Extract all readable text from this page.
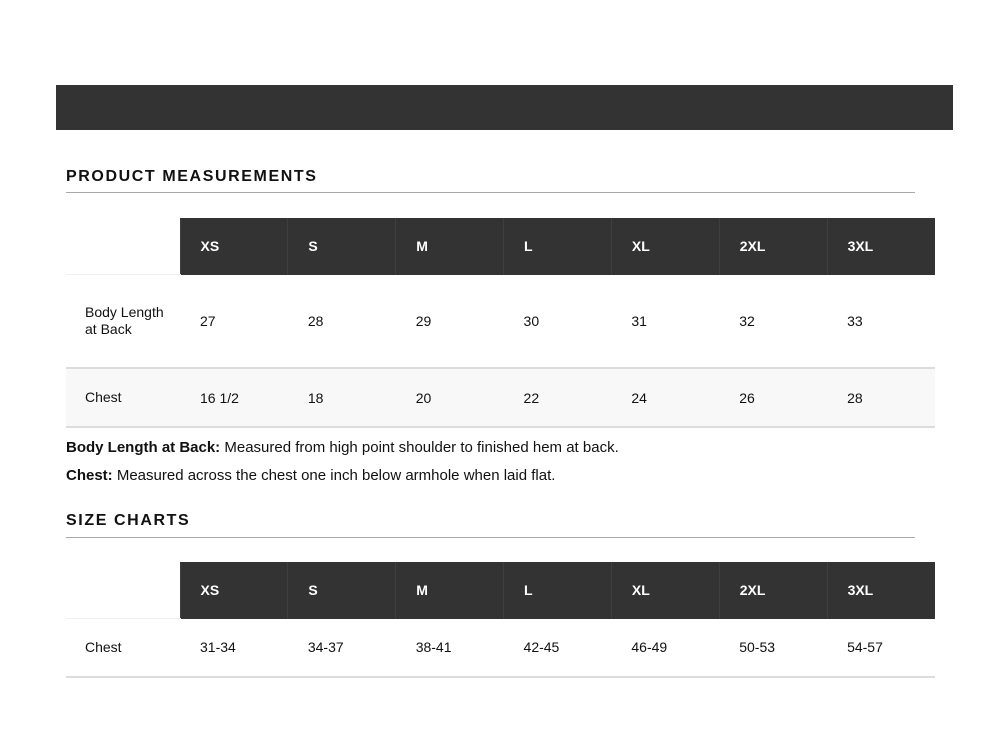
PRODUCT MEASUREMENTS
	XS	S	M	L	XL	2XL	3XL
Body Length at Back	27	28	29	30	31	32	33
Chest	16 1/2	18	20	22	24	26	28

Body Length at Back: Measured from high point shoulder to finished hem at back.

Chest: Measured across the chest one inch below armhole when laid flat.

SIZE CHARTS
	XS	S	M	L	XL	2XL	3XL
Chest	31-34	34-37	38-41	42-45	46-49	50-53	54-57
